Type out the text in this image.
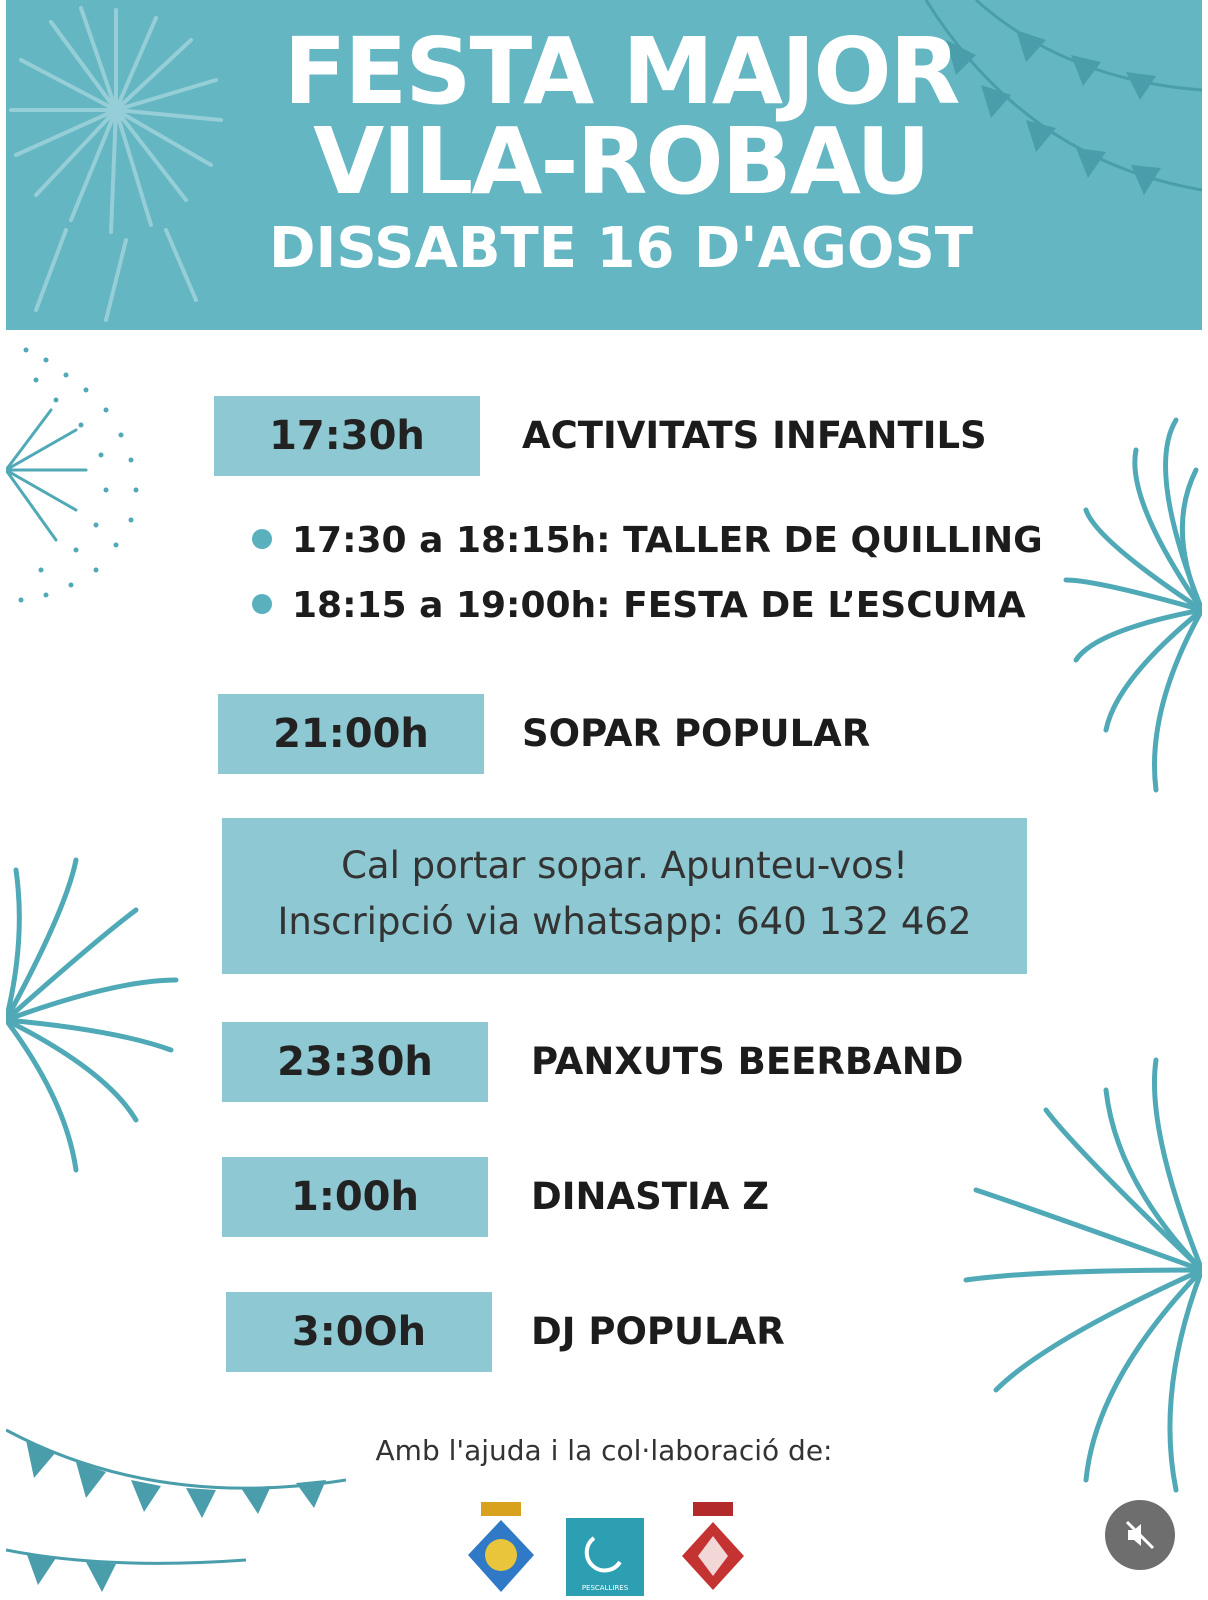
FESTA MAJOR
VILA-ROBAU
DISSABTE 16 D'AGOST
17:30h	ACTIVITATS INFANTILS
17:30 a 18:15h: TALLER DE QUILLING
18:15 a 19:00h: FESTA DE L’ESCUMA
21:00h	SOPAR POPULAR
Cal portar sopar. Apunteu-vos!
Inscripció via whatsapp: 640 132 462
23:30h	PANXUTS BEERBAND
1:00h	DINASTIA Z
3:0Oh	DJ POPULAR
Amb l'ajuda i la col·laboració de:
PESCALLIRES
